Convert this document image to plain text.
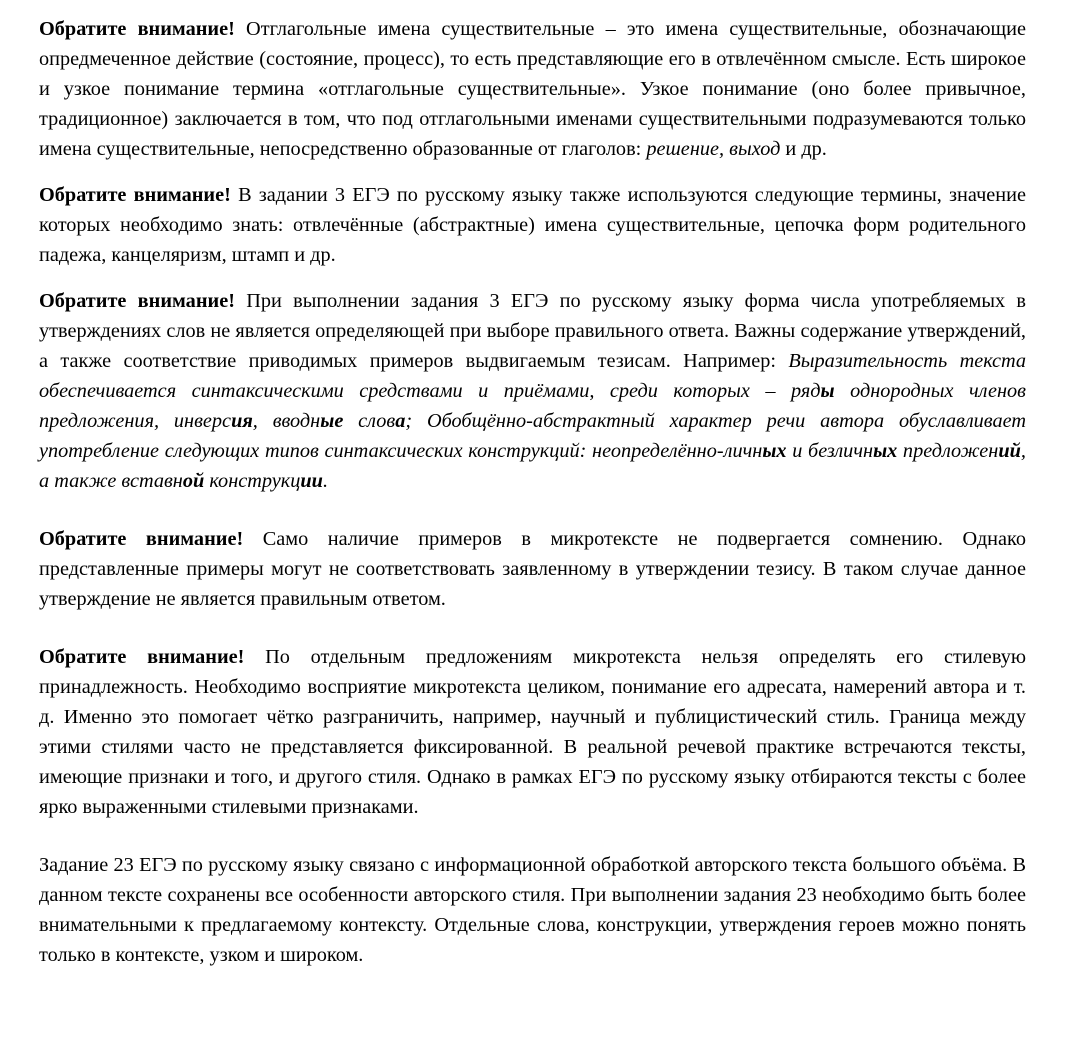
Обратите внимание! Отглагольные имена существительные – это имена существительные, обозначающие опредмеченное действие (состояние, процесс), то есть представляющие его в отвлечённом смысле. Есть широкое и узкое понимание термина «отглагольные существительные». Узкое понимание (оно более привычное, традиционное) заключается в том, что под отглагольными именами существительными подразумеваются только имена существительные, непосредственно образованные от глаголов: решение, выход и др.

Обратите внимание! В задании 3 ЕГЭ по русскому языку также используются следующие термины, значение которых необходимо знать: отвлечённые (абстрактные) имена существительные, цепочка форм родительного падежа, канцеляризм, штамп и др.

Обратите внимание! При выполнении задания 3 ЕГЭ по русскому языку форма числа употребляемых в утверждениях слов не является определяющей при выборе правильного ответа. Важны содержание утверждений, а также соответствие приводимых примеров выдвигаемым тезисам. Например: Выразительность текста обеспечивается синтаксическими средствами и приёмами, среди которых – ряды однородных членов предложения, инверсия, вводные слова; Обобщённо-абстрактный характер речи автора обуславливает употребление следующих типов синтаксических конструкций: неопределённо-личных и безличных предложений, а также вставной конструкции.

Обратите внимание! Само наличие примеров в микротексте не подвергается сомнению. Однако представленные примеры могут не соответствовать заявленному в утверждении тезису. В таком случае данное утверждение не является правильным ответом.

Обратите внимание! По отдельным предложениям микротекста нельзя определять его стилевую принадлежность. Необходимо восприятие микротекста целиком, понимание его адресата, намерений автора и т. д. Именно это помогает чётко разграничить, например, научный и публицистический стиль. Граница между этими стилями часто не представляется фиксированной. В реальной речевой практике встречаются тексты, имеющие признаки и того, и другого стиля. Однако в рамках ЕГЭ по русскому языку отбираются тексты с более ярко выраженными стилевыми признаками.

Задание 23 ЕГЭ по русскому языку связано с информационной обработкой авторского текста большого объёма. В данном тексте сохранены все особенности авторского стиля. При выполнении задания 23 необходимо быть более внимательными к предлагаемому контексту. Отдельные слова, конструкции, утверждения героев можно понять только в контексте, узком и широком.
